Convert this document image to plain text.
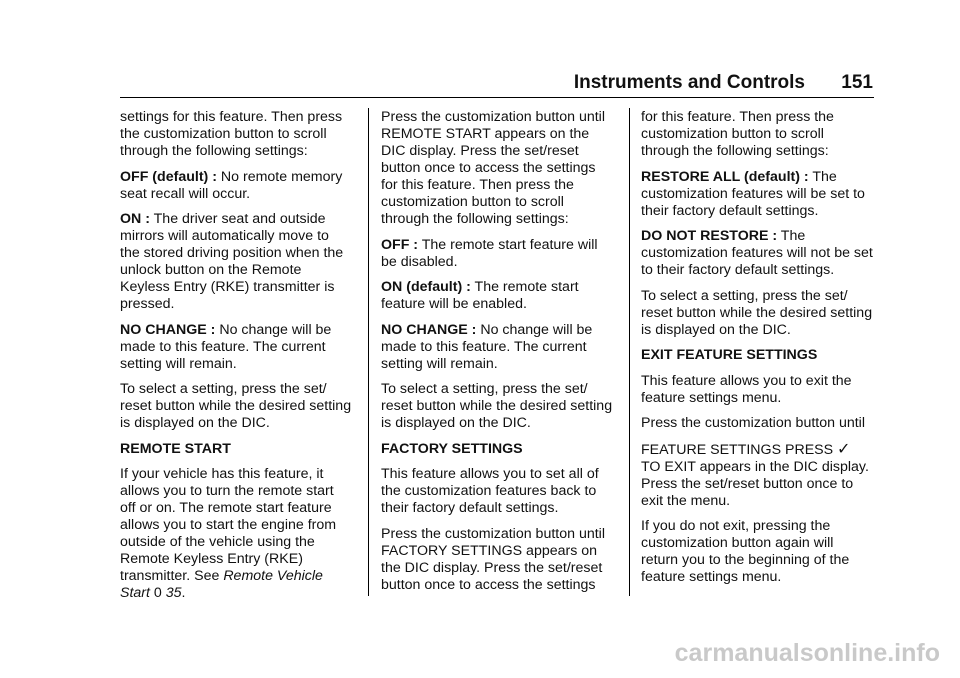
Instruments and Controls 151

settings for this feature. Then press the customization button to scroll through the following settings:

OFF (default) : No remote memory seat recall will occur.

ON : The driver seat and outside mirrors will automatically move to the stored driving position when the unlock button on the Remote Keyless Entry (RKE) transmitter is pressed.

NO CHANGE : No change will be made to this feature. The current setting will remain.

To select a setting, press the set/ reset button while the desired setting is displayed on the DIC.

REMOTE START

If your vehicle has this feature, it allows you to turn the remote start off or on. The remote start feature allows you to start the engine from outside of the vehicle using the Remote Keyless Entry (RKE) transmitter. See Remote Vehicle Start 0 35.

Press the customization button until REMOTE START appears on the DIC display. Press the set/reset button once to access the settings for this feature. Then press the customization button to scroll through the following settings:

OFF : The remote start feature will be disabled.

ON (default) : The remote start feature will be enabled.

NO CHANGE : No change will be made to this feature. The current setting will remain.

To select a setting, press the set/ reset button while the desired setting is displayed on the DIC.

FACTORY SETTINGS

This feature allows you to set all of the customization features back to their factory default settings.

Press the customization button until FACTORY SETTINGS appears on the DIC display. Press the set/reset button once to access the settings

for this feature. Then press the customization button to scroll through the following settings:

RESTORE ALL (default) : The customization features will be set to their factory default settings.

DO NOT RESTORE : The customization features will not be set to their factory default settings.

To select a setting, press the set/ reset button while the desired setting is displayed on the DIC.

EXIT FEATURE SETTINGS

This feature allows you to exit the feature settings menu.

Press the customization button until

FEATURE SETTINGS PRESS ✓

TO EXIT appears in the DIC display. Press the set/reset button once to exit the menu.

If you do not exit, pressing the customization button again will return you to the beginning of the feature settings menu.

carmanualsonline.info
